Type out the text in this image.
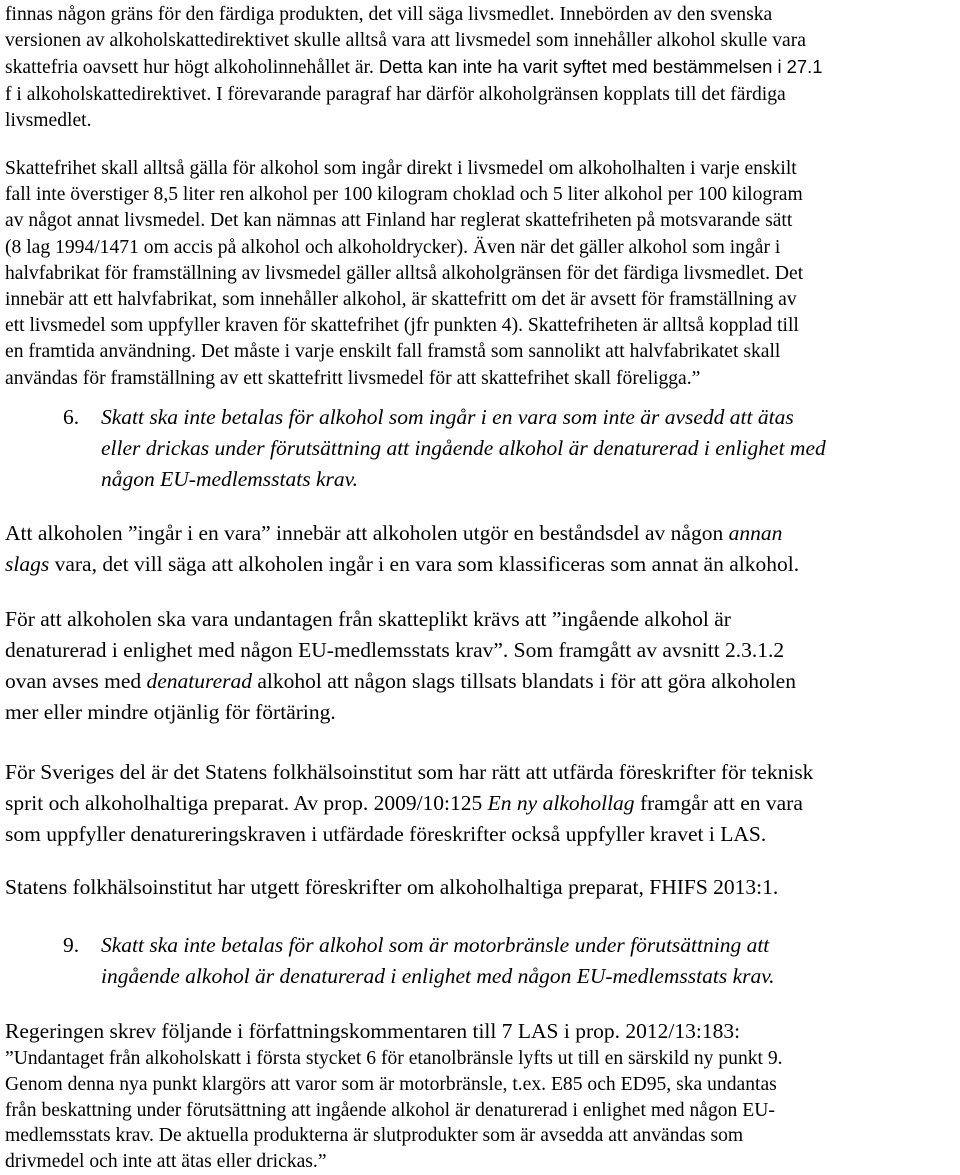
finnas någon gräns för den färdiga produkten, det vill säga livsmedlet. Innebörden av den svenska
versionen av alkoholskattedirektivet skulle alltså vara att livsmedel som innehåller alkohol skulle vara
skattefria oavsett hur högt alkoholinnehållet är. Detta kan inte ha varit syftet med bestämmelsen i 27.1
f i alkoholskattedirektivet. I förevarande paragraf har därför alkoholgränsen kopplats till det färdiga
livsmedlet.
Skattefrihet skall alltså gälla för alkohol som ingår direkt i livsmedel om alkoholhalten i varje enskilt
fall inte överstiger 8,5 liter ren alkohol per 100 kilogram choklad och 5 liter alkohol per 100 kilogram
av något annat livsmedel. Det kan nämnas att Finland har reglerat skattefriheten på motsvarande sätt
(8 lag 1994/1471 om accis på alkohol och alkoholdrycker). Även när det gäller alkohol som ingår i
halvfabrikat för framställning av livsmedel gäller alltså alkoholgränsen för det färdiga livsmedlet. Det
innebär att ett halvfabrikat, som innehåller alkohol, är skattefritt om det är avsett för framställning av
ett livsmedel som uppfyller kraven för skattefrihet (jfr punkten 4). Skattefriheten är alltså kopplad till
en framtida användning. Det måste i varje enskilt fall framstå som sannolikt att halvfabrikatet skall
användas för framställning av ett skattefritt livsmedel för att skattefrihet skall föreligga.”
6. Skatt ska inte betalas för alkohol som ingår i en vara som inte är avsedd att ätas
eller drickas under förutsättning att ingående alkohol är denaturerad i enlighet med
någon EU-medlemsstats krav.
Att alkoholen ”ingår i en vara” innebär att alkoholen utgör en beståndsdel av någon annan
slags vara, det vill säga att alkoholen ingår i en vara som klassificeras som annat än alkohol.
För att alkoholen ska vara undantagen från skatteplikt krävs att ”ingående alkohol är
denaturerad i enlighet med någon EU-medlemsstats krav”. Som framgått av avsnitt 2.3.1.2
ovan avses med denaturerad alkohol att någon slags tillsats blandats i för att göra alkoholen
mer eller mindre otjänlig för förtäring.
För Sveriges del är det Statens folkhälsoinstitut som har rätt att utfärda föreskrifter för teknisk
sprit och alkoholhaltiga preparat. Av prop. 2009/10:125 En ny alkohollag framgår att en vara
som uppfyller denatureringskraven i utfärdade föreskrifter också uppfyller kravet i LAS.
Statens folkhälsoinstitut har utgett föreskrifter om alkoholhaltiga preparat, FHIFS 2013:1.
9. Skatt ska inte betalas för alkohol som är motorbränsle under förutsättning att
ingående alkohol är denaturerad i enlighet med någon EU-medlemsstats krav.
Regeringen skrev följande i författningskommentaren till 7 LAS i prop. 2012/13:183:
”Undantaget från alkoholskatt i första stycket 6 för etanolbränsle lyfts ut till en särskild ny punkt 9.
Genom denna nya punkt klargörs att varor som är motorbränsle, t.ex. E85 och ED95, ska undantas
från beskattning under förutsättning att ingående alkohol är denaturerad i enlighet med någon EU-
medlemsstats krav. De aktuella produkterna är slutprodukter som är avsedda att användas som
drivmedel och inte att ätas eller drickas.”
